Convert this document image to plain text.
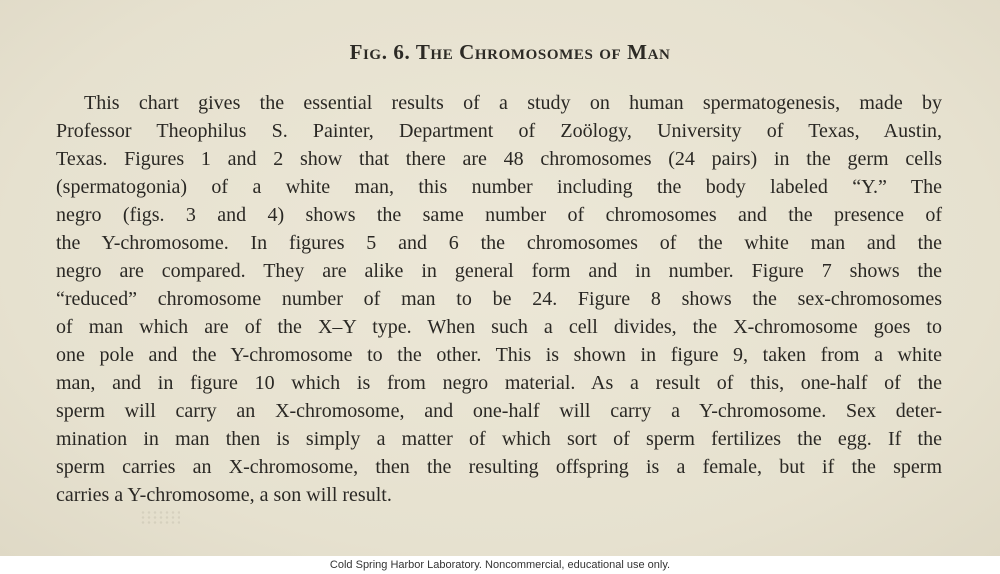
Fig. 6. The Chromosomes of Man
This chart gives the essential results of a study on human spermatogenesis, made by
Professor Theophilus S. Painter, Department of Zoölogy, University of Texas, Austin,
Texas. Figures 1 and 2 show that there are 48 chromosomes (24 pairs) in the germ cells
(spermatogonia) of a white man, this number including the body labeled “Y.” The
negro (figs. 3 and 4) shows the same number of chromosomes and the presence of
the Y-chromosome. In figures 5 and 6 the chromosomes of the white man and the
negro are compared. They are alike in general form and in number. Figure 7 shows the
“reduced” chromosome number of man to be 24. Figure 8 shows the sex-chromosomes
of man which are of the X–Y type. When such a cell divides, the X-chromosome goes to
one pole and the Y-chromosome to the other. This is shown in figure 9, taken from a white
man, and in figure 10 which is from negro material. As a result of this, one-half of the
sperm will carry an X-chromosome, and one-half will carry a Y-chromosome. Sex deter-
mination in man then is simply a matter of which sort of sperm fertilizes the egg. If the
sperm carries an X-chromosome, then the resulting offspring is a female, but if the sperm
carries a Y-chromosome, a son will result.
Cold Spring Harbor Laboratory. Noncommercial, educational use only.
